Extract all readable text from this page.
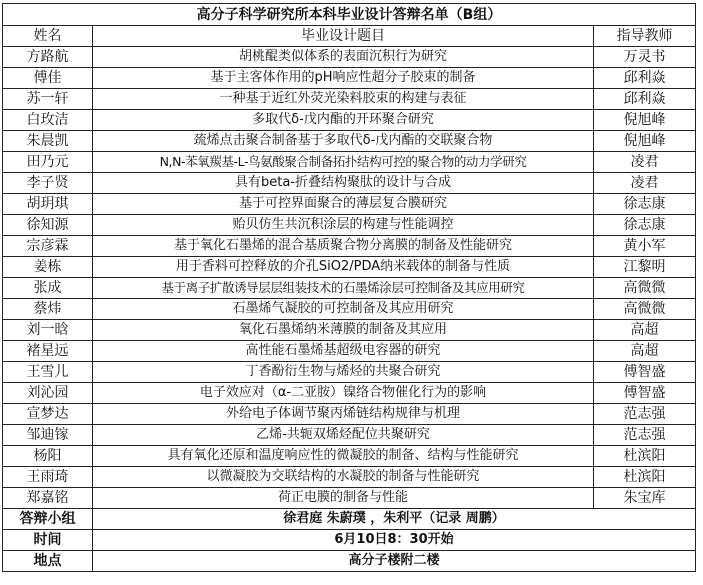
高分子科学研究所本科毕业设计答辩名单（B组）		
姓名	毕业设计题目	指导教师
方路航	胡桃醌类似体系的表面沉积行为研究	万灵书
傅佳	基于主客体作用的pH响应性超分子胶束的制备	邱利焱
苏一轩	一种基于近红外荧光染料胶束的构建与表征	邱利焱
白玫洁	多取代δ-戊内酯的开环聚合研究	倪旭峰
朱晨凯	巯烯点击聚合制备基于多取代δ-戊内酯的交联聚合物	倪旭峰
田乃元	N,N-苯氧羰基-L-鸟氨酸聚合制备拓扑结构可控的聚合物的动力学研究	凌君
李子贤	具有beta-折叠结构聚肽的设计与合成	凌君
胡玥琪	基于可控界面聚合的薄层复合膜研究	徐志康
徐知源	贻贝仿生共沉积涂层的构建与性能调控	徐志康
宗彦霖	基于氧化石墨烯的混合基质聚合物分离膜的制备及性能研究	黄小军
姜栋	用于香料可控释放的介孔SiO2/PDA纳米载体的制备与性质	江黎明
张成	基于离子扩散诱导层层组装技术的石墨烯涂层可控制备及其应用研究	高微微
蔡炜	石墨烯气凝胶的可控制备及其应用研究	高微微
刘一晗	氧化石墨烯纳米薄膜的制备及其应用	高超
褚星远	高性能石墨烯基超级电容器的研究	高超
王雪儿	丁香酚衍生物与烯烃的共聚合研究	傅智盛
刘沁园	电子效应对（α-二亚胺）镍络合物催化行为的影响	傅智盛
宣梦达	外给电子体调节聚丙烯链结构规律与机理	范志强
邹迪镓	乙烯-共轭双烯烃配位共聚研究	范志强
杨阳	具有氧化还原和温度响应性的微凝胶的制备、结构与性能研究	杜滨阳
王雨琦	以微凝胶为交联结构的水凝胶的制备与性能研究	杜滨阳
郑嘉铭	荷正电膜的制备与性能	朱宝库
答辩小组	徐君庭 朱蔚璞 ，朱利平（记录 周鹏）	
时间	6月10日8：30开始	
地点	高分子楼附二楼	
